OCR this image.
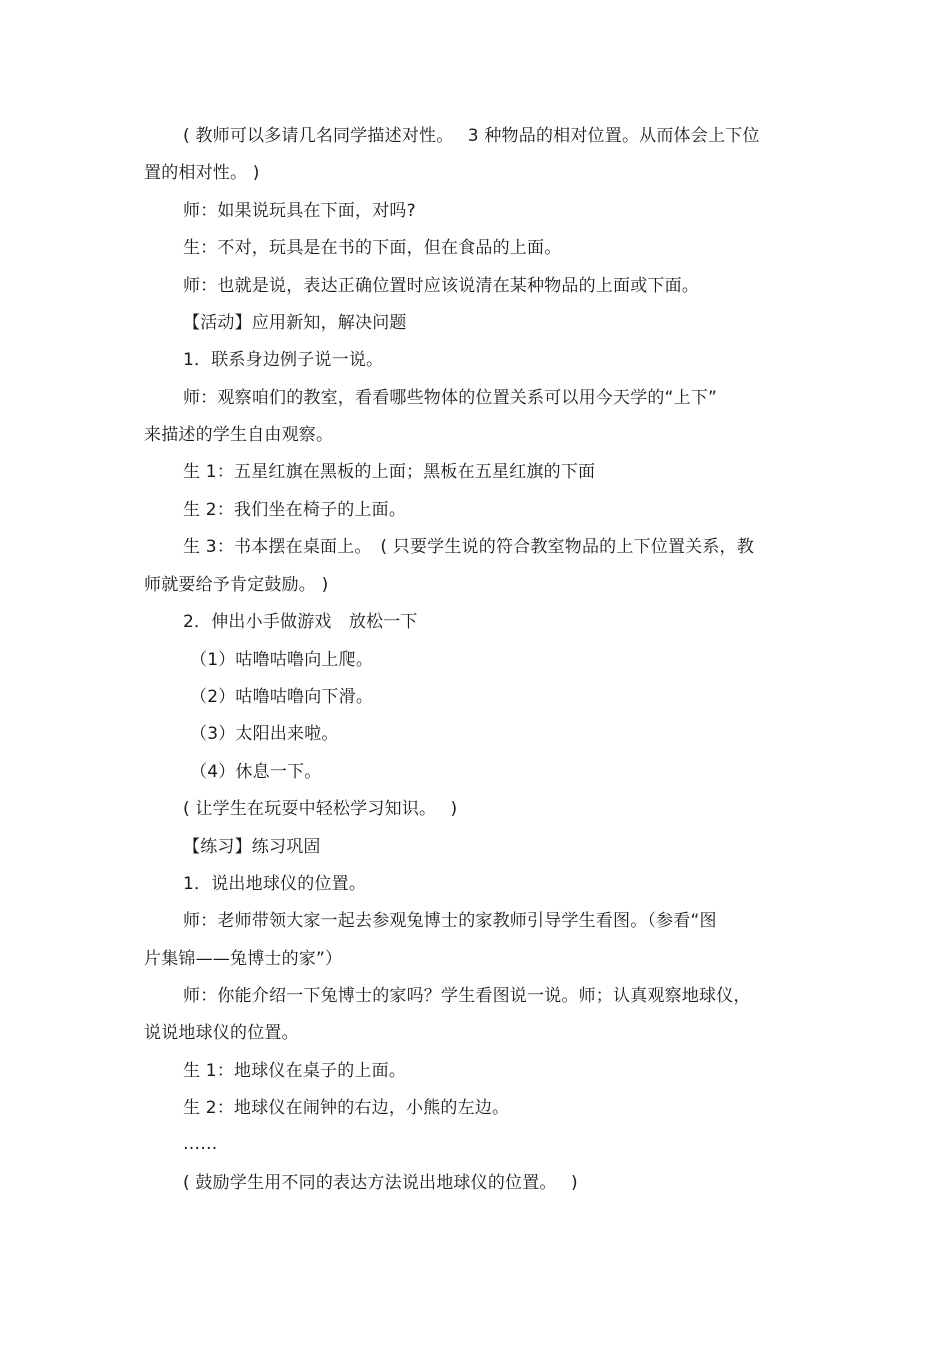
( 教师可以多请几名同学描述对性。　 3 种物品的相对位置。从而体会上下位
置的相对性。 )
师：如果说玩具在下面，对吗?
生：不对，玩具是在书的下面，但在食品的上面。
师：也就是说，表达正确位置时应该说清在某种物品的上面或下面。
【活动】应用新知，解决问题
1．联系身边例子说一说。
师：观察咱们的教室，看看哪些物体的位置关系可以用今天学的“上下”
来描述的学生自由观察。
生 1：五星红旗在黑板的上面；黑板在五星红旗的下面
生 2：我们坐在椅子的上面。
生 3：书本摆在桌面上。　( 只要学生说的符合教室物品的上下位置关系，教
师就要给予肯定鼓励。 )
2．伸出小手做游戏　放松一下
（1）咕噜咕噜向上爬。
（2）咕噜咕噜向下滑。
（3）太阳出来啦。
（4）休息一下。
( 让学生在玩耍中轻松学习知识。　 )
【练习】练习巩固
1．说出地球仪的位置。
师：老师带领大家一起去参观兔博士的家教师引导学生看图。（参看“图
片集锦——兔博士的家”）
师：你能介绍一下兔博士的家吗？学生看图说一说。师；认真观察地球仪，
说说地球仪的位置。
生 1：地球仪在桌子的上面。
生 2：地球仪在闹钟的右边，小熊的左边。
……
( 鼓励学生用不同的表达方法说出地球仪的位置。　 )
